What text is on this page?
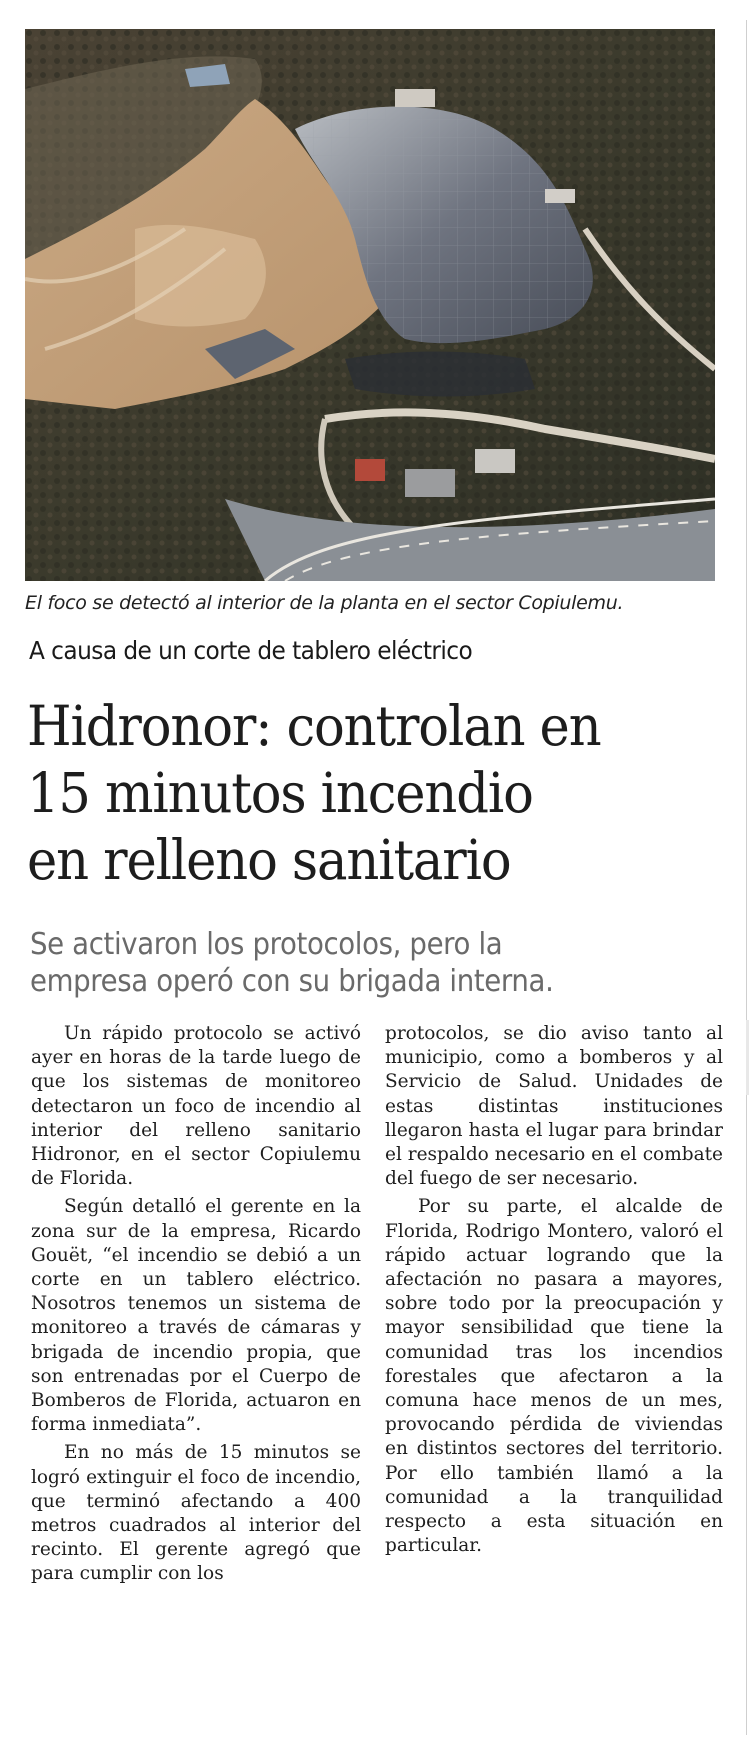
El foco se detectó al interior de la planta en el sector Copiulemu.
A causa de un corte de tablero eléctrico
Hidronor: controlan en
15 minutos incendio
en relleno sanitario
Se activaron los protocolos, pero la
empresa operó con su brigada interna.

Un rápido protocolo se activó ayer en horas de la tarde luego de que los sistemas de monitoreo detectaron un foco de incendio al interior del relleno sanitario Hidronor, en el sector Copiulemu de Florida.

Según detalló el gerente en la zona sur de la empresa, Ricardo Gouët, “el incendio se debió a un corte en un tablero eléctrico. Nosotros tenemos un sistema de monitoreo a través de cámaras y brigada de incendio propia, que son entrenadas por el Cuerpo de Bomberos de Florida, actuaron en forma inmediata”.

En no más de 15 minutos se logró extinguir el foco de incendio, que terminó afectando a 400 metros cuadrados al interior del recinto. El gerente agregó que para cumplir con los

protocolos, se dio aviso tanto al municipio, como a bomberos y al Servicio de Salud. Unidades de estas distintas instituciones llegaron hasta el lugar para brindar el respaldo necesario en el combate del fuego de ser necesario.

Por su parte, el alcalde de Florida, Rodrigo Montero, valoró el rápido actuar logrando que la afectación no pasara a mayores, sobre todo por la preocupación y mayor sensibilidad que tiene la comunidad tras los incendios forestales que afectaron a la comuna hace menos de un mes, provocando pérdida de viviendas en distintos sectores del territorio. Por ello también llamó a la comunidad a la tranquilidad respecto a esta situación en particular.
